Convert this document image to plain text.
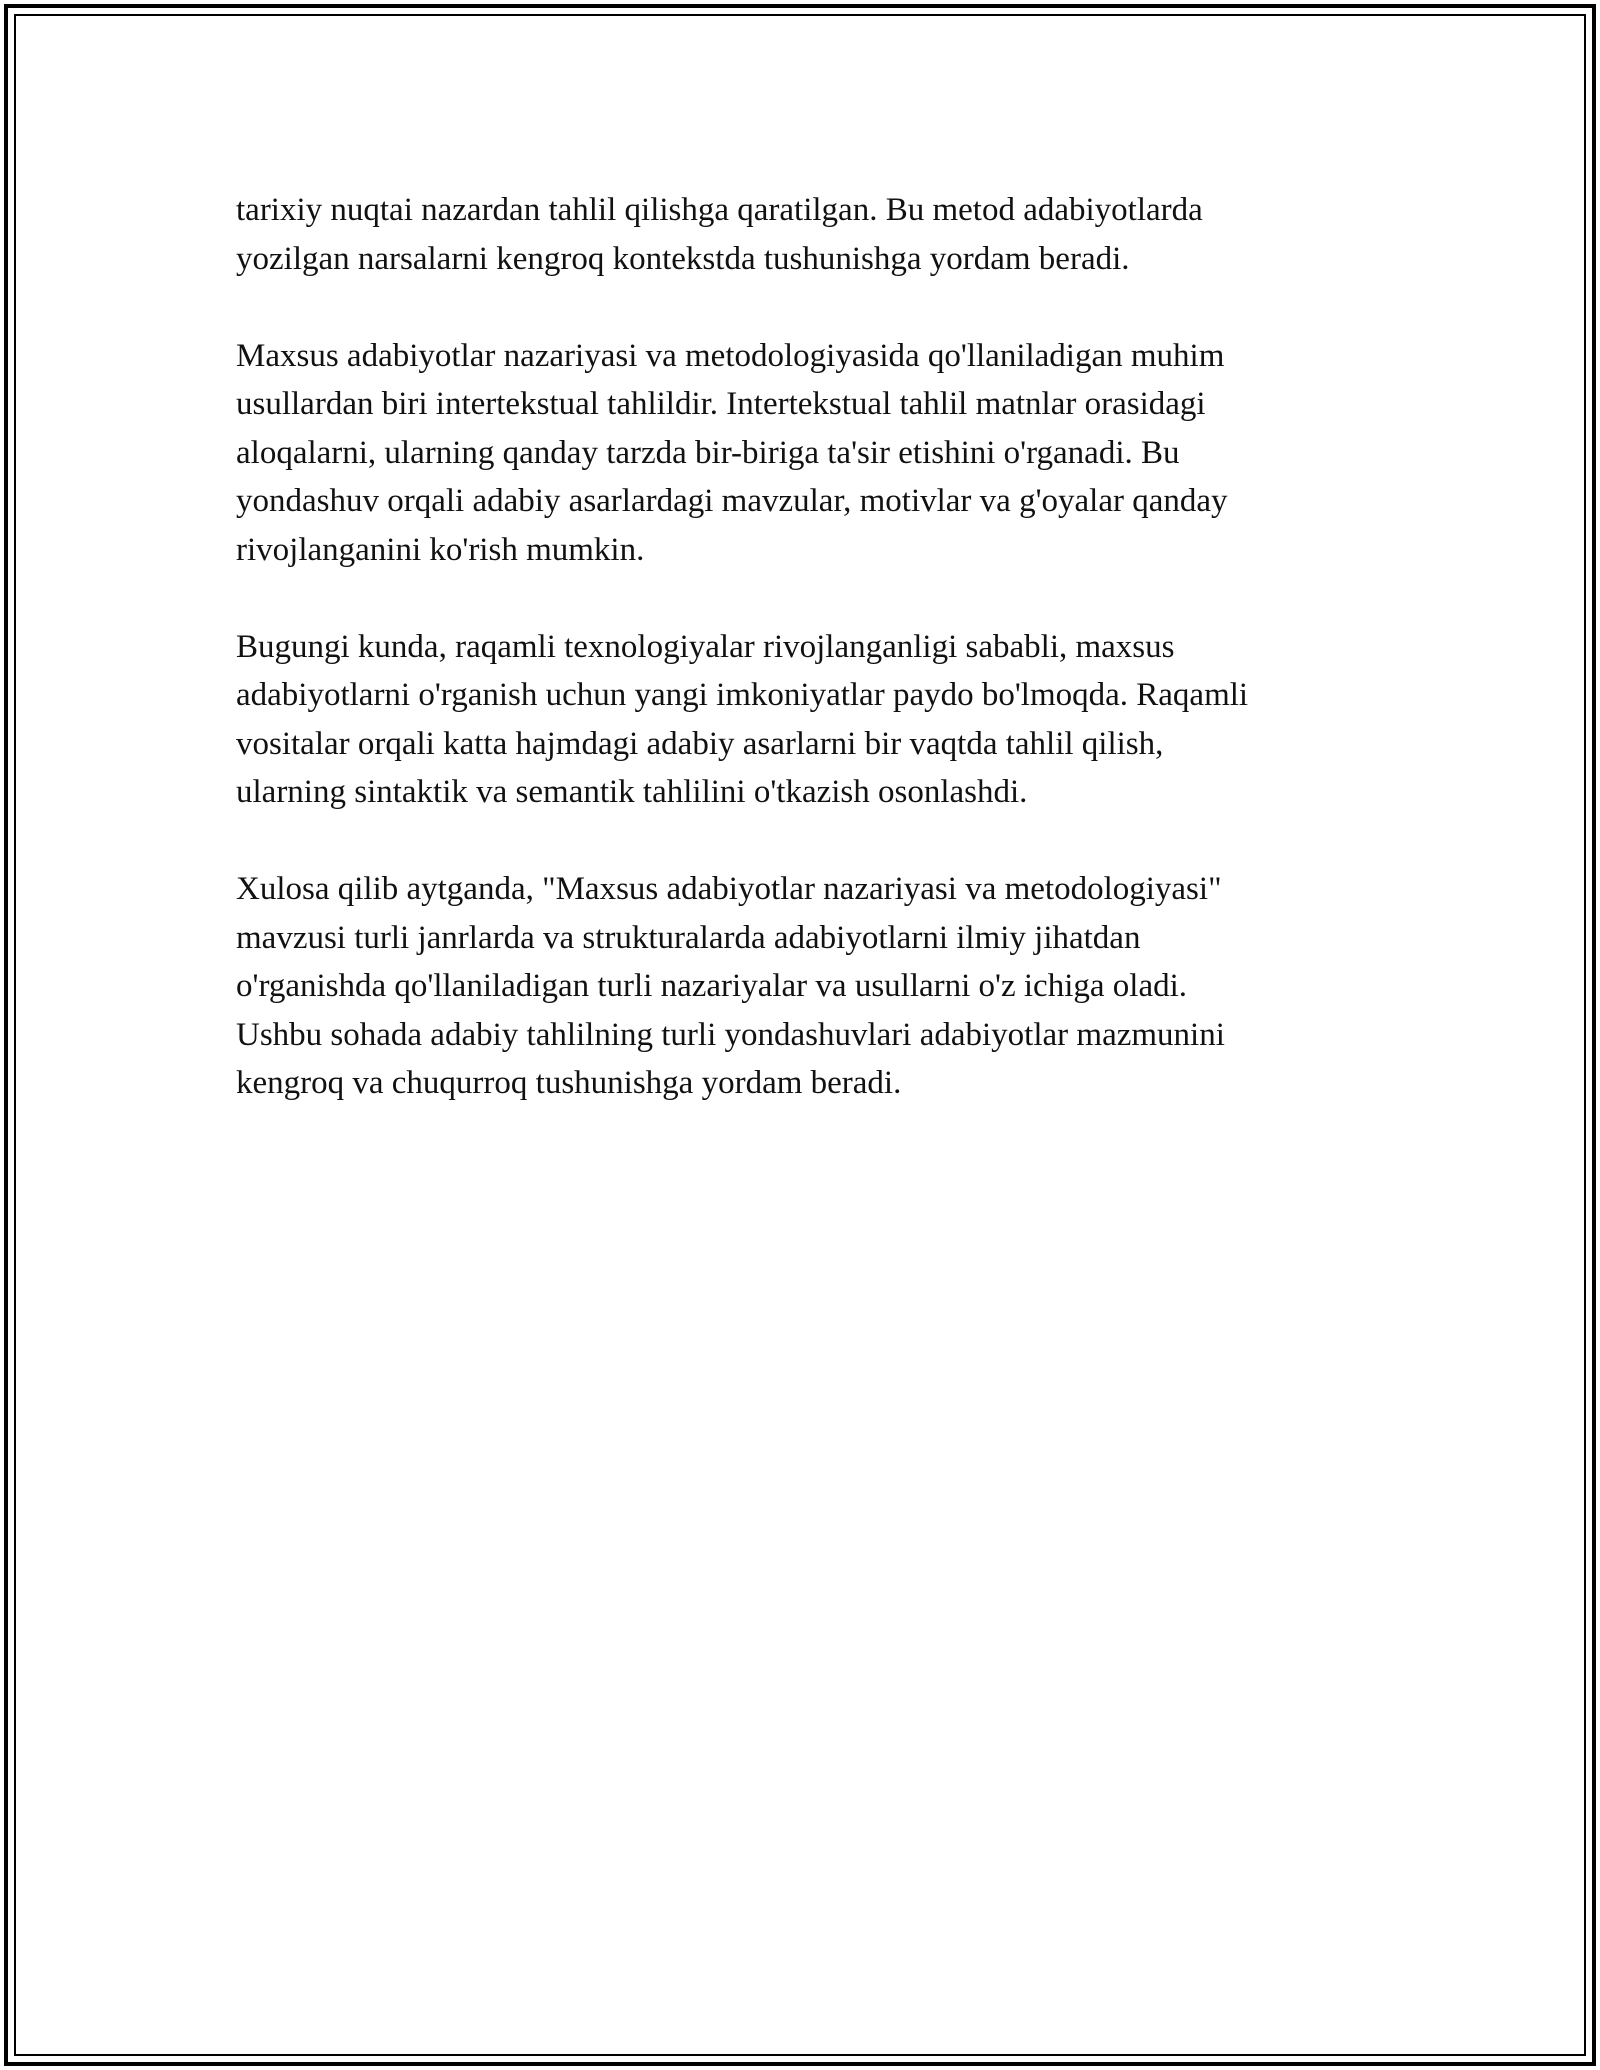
tarixiy nuqtai nazardan tahlil qilishga qaratilgan. Bu metod adabiyotlarda
yozilgan narsalarni kengroq kontekstda tushunishga yordam beradi.

Maxsus adabiyotlar nazariyasi va metodologiyasida qo'llaniladigan muhim
usullardan biri intertekstual tahlildir. Intertekstual tahlil matnlar orasidagi
aloqalarni, ularning qanday tarzda bir-biriga ta'sir etishini o'rganadi. Bu
yondashuv orqali adabiy asarlardagi mavzular, motivlar va g'oyalar qanday
rivojlanganini ko'rish mumkin.

Bugungi kunda, raqamli texnologiyalar rivojlanganligi sababli, maxsus
adabiyotlarni o'rganish uchun yangi imkoniyatlar paydo bo'lmoqda. Raqamli
vositalar orqali katta hajmdagi adabiy asarlarni bir vaqtda tahlil qilish,
ularning sintaktik va semantik tahlilini o'tkazish osonlashdi.

Xulosa qilib aytganda, "Maxsus adabiyotlar nazariyasi va metodologiyasi"
mavzusi turli janrlarda va strukturalarda adabiyotlarni ilmiy jihatdan
o'rganishda qo'llaniladigan turli nazariyalar va usullarni o'z ichiga oladi.
Ushbu sohada adabiy tahlilning turli yondashuvlari adabiyotlar mazmunini
kengroq va chuqurroq tushunishga yordam beradi.
